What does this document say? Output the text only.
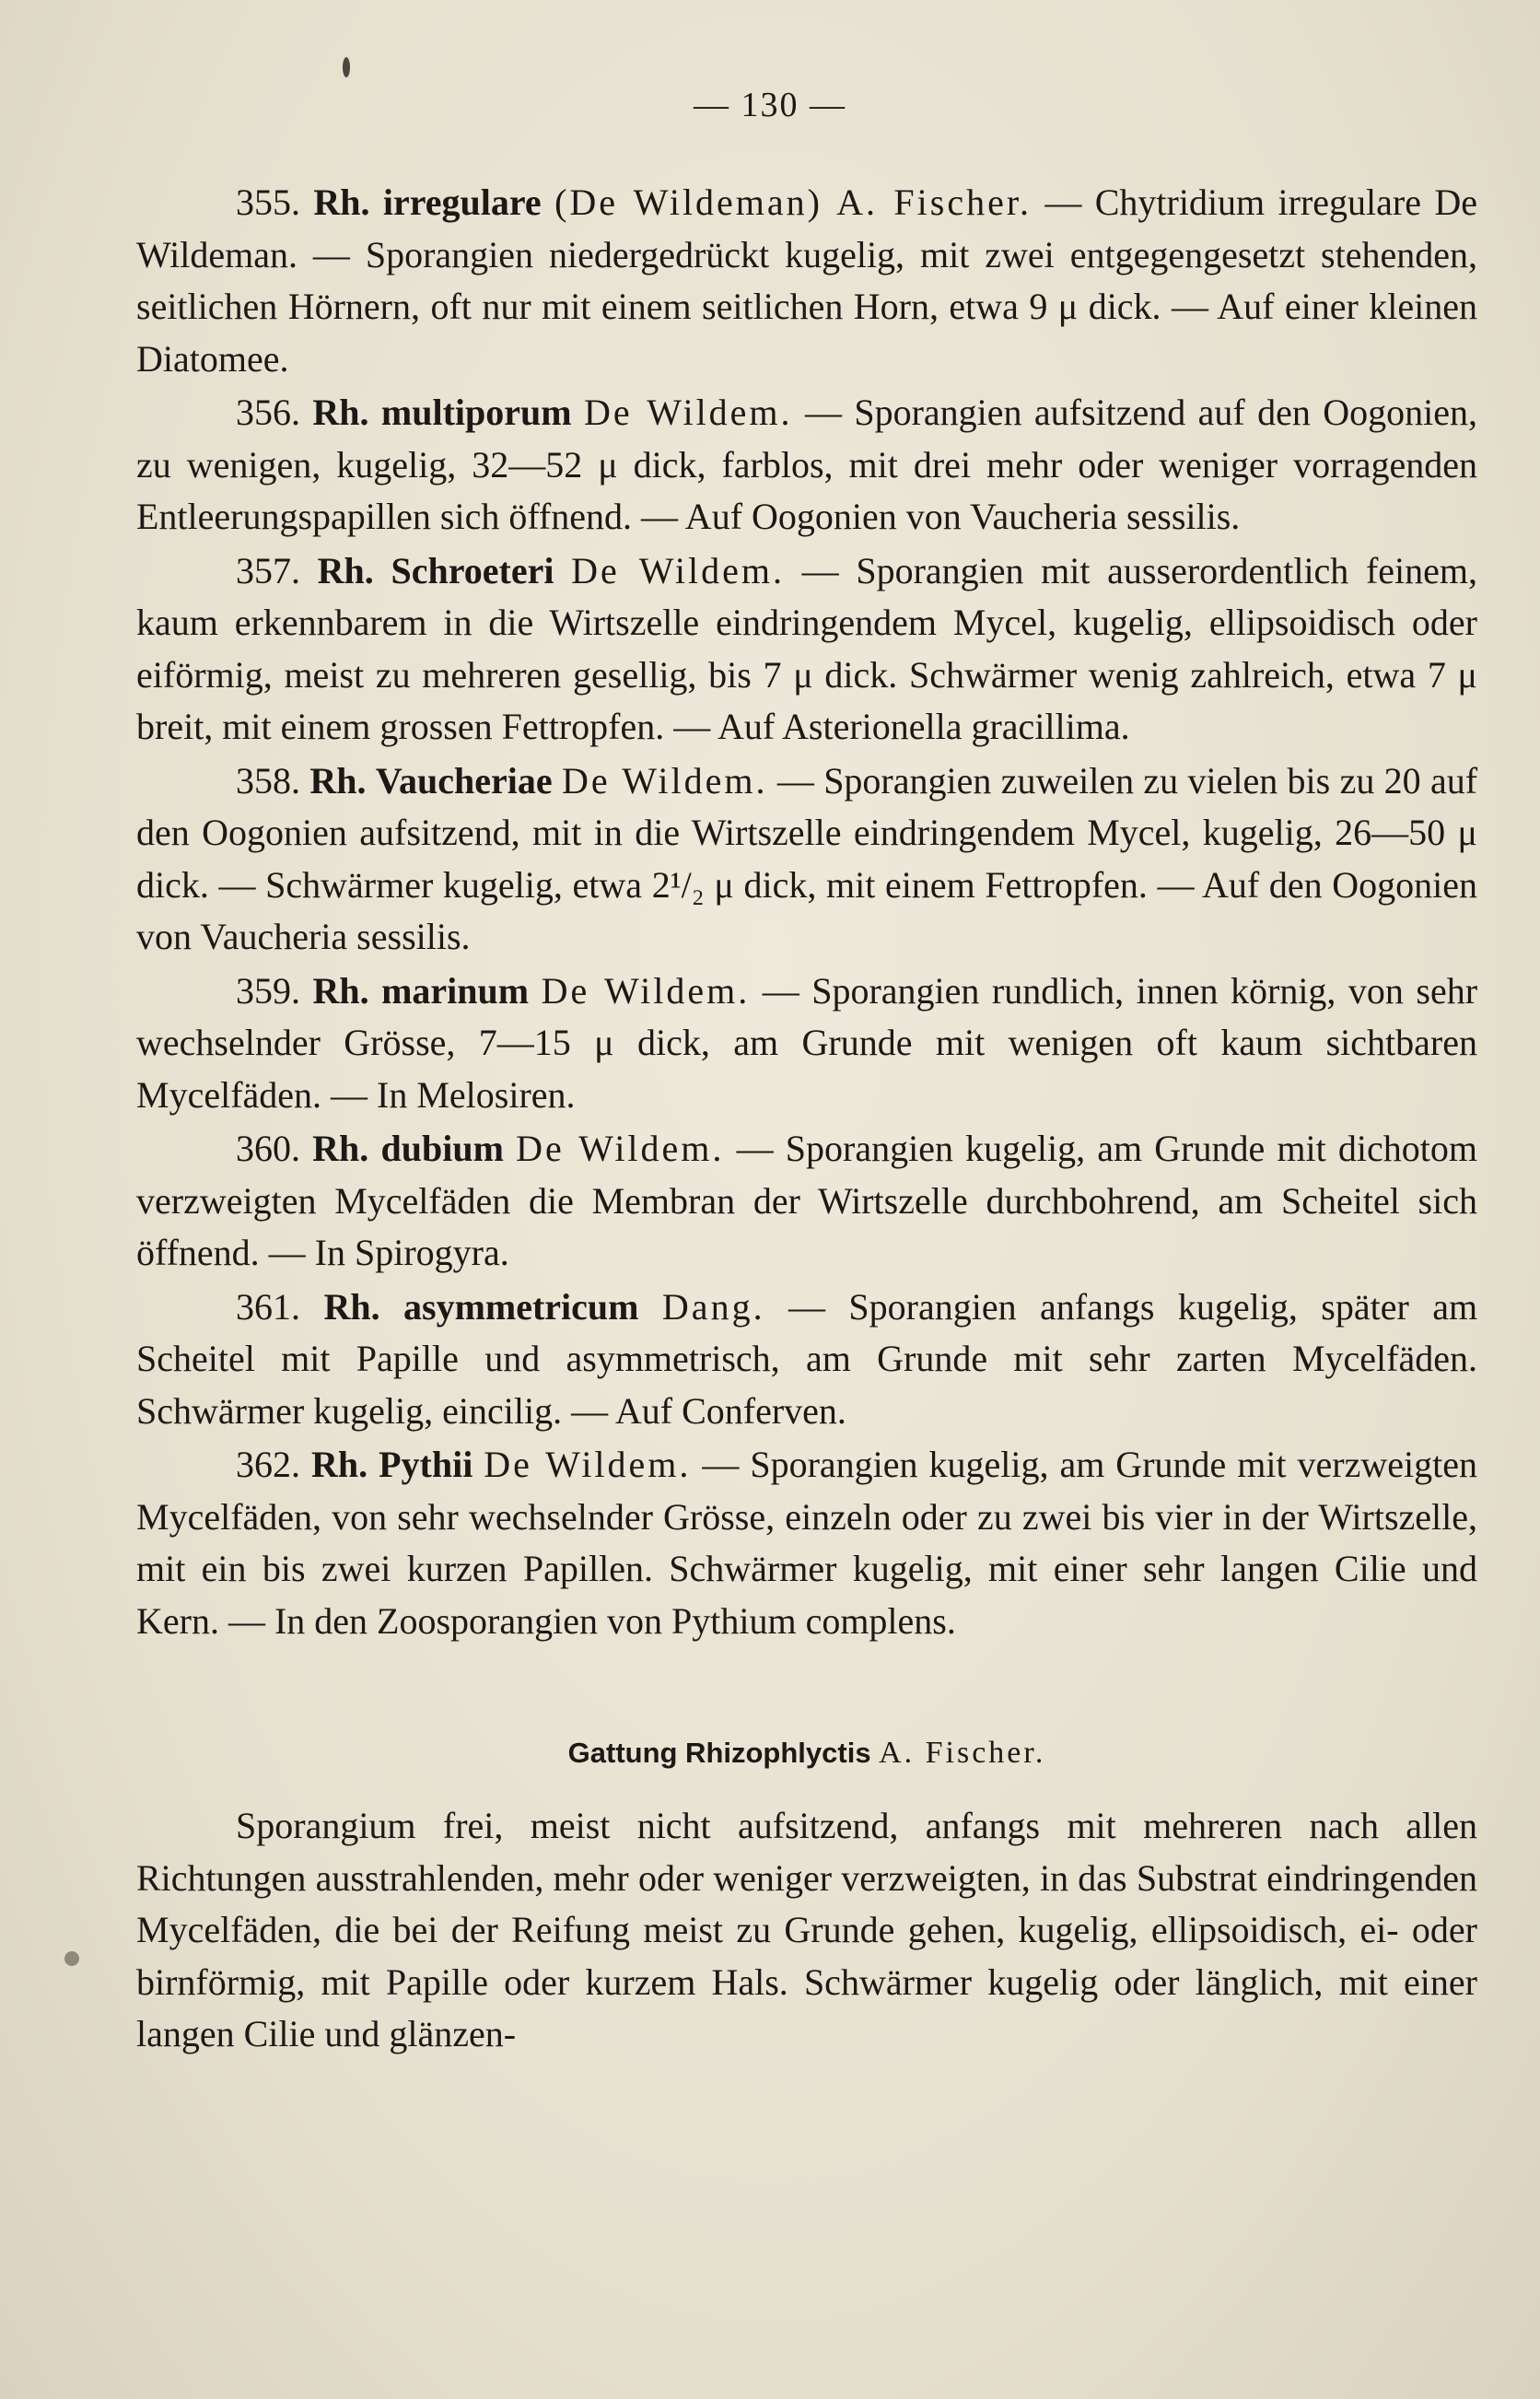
— 130 —

355. Rh. irregulare (De Wildeman) A. Fischer. — Chytridium irregulare De Wildeman. — Sporangien niedergedrückt kugelig, mit zwei entgegengesetzt stehenden, seitlichen Hörnern, oft nur mit einem seitlichen Horn, etwa 9 μ dick. — Auf einer kleinen Diatomee.

356. Rh. multiporum De Wildem. — Sporangien aufsitzend auf den Oogonien, zu wenigen, kugelig, 32—52 μ dick, farblos, mit drei mehr oder weniger vorragenden Entleerungspapillen sich öffnend. — Auf Oogonien von Vaucheria sessilis.

357. Rh. Schroeteri De Wildem. — Sporangien mit ausserordentlich feinem, kaum erkennbarem in die Wirtszelle eindringendem Mycel, kugelig, ellipsoidisch oder eiförmig, meist zu mehreren gesellig, bis 7 μ dick. Schwärmer wenig zahlreich, etwa 7 μ breit, mit einem grossen Fettropfen. — Auf Asterionella gracillima.

358. Rh. Vaucheriae De Wildem. — Sporangien zuweilen zu vielen bis zu 20 auf den Oogonien aufsitzend, mit in die Wirtszelle eindringendem Mycel, kugelig, 26—50 μ dick. — Schwärmer kugelig, etwa 2¹/₂ μ dick, mit einem Fettropfen. — Auf den Oogonien von Vaucheria sessilis.

359. Rh. marinum De Wildem. — Sporangien rundlich, innen körnig, von sehr wechselnder Grösse, 7—15 μ dick, am Grunde mit wenigen oft kaum sichtbaren Mycelfäden. — In Melosiren.

360. Rh. dubium De Wildem. — Sporangien kugelig, am Grunde mit dichotom verzweigten Mycelfäden die Membran der Wirtszelle durchbohrend, am Scheitel sich öffnend. — In Spirogyra.

361. Rh. asymmetricum Dang. — Sporangien anfangs kugelig, später am Scheitel mit Papille und asymmetrisch, am Grunde mit sehr zarten Mycelfäden. Schwärmer kugelig, eincilig. — Auf Conferven.

362. Rh. Pythii De Wildem. — Sporangien kugelig, am Grunde mit verzweigten Mycelfäden, von sehr wechselnder Grösse, einzeln oder zu zwei bis vier in der Wirtszelle, mit ein bis zwei kurzen Papillen. Schwärmer kugelig, mit einer sehr langen Cilie und Kern. — In den Zoosporangien von Pythium complens.

Gattung Rhizophlyctis A. Fischer.

Sporangium frei, meist nicht aufsitzend, anfangs mit mehreren nach allen Richtungen ausstrahlenden, mehr oder weniger verzweigten, in das Substrat eindringenden Mycelfäden, die bei der Reifung meist zu Grunde gehen, kugelig, ellipsoidisch, ei- oder birnförmig, mit Papille oder kurzem Hals. Schwärmer kugelig oder länglich, mit einer langen Cilie und glänzen-
